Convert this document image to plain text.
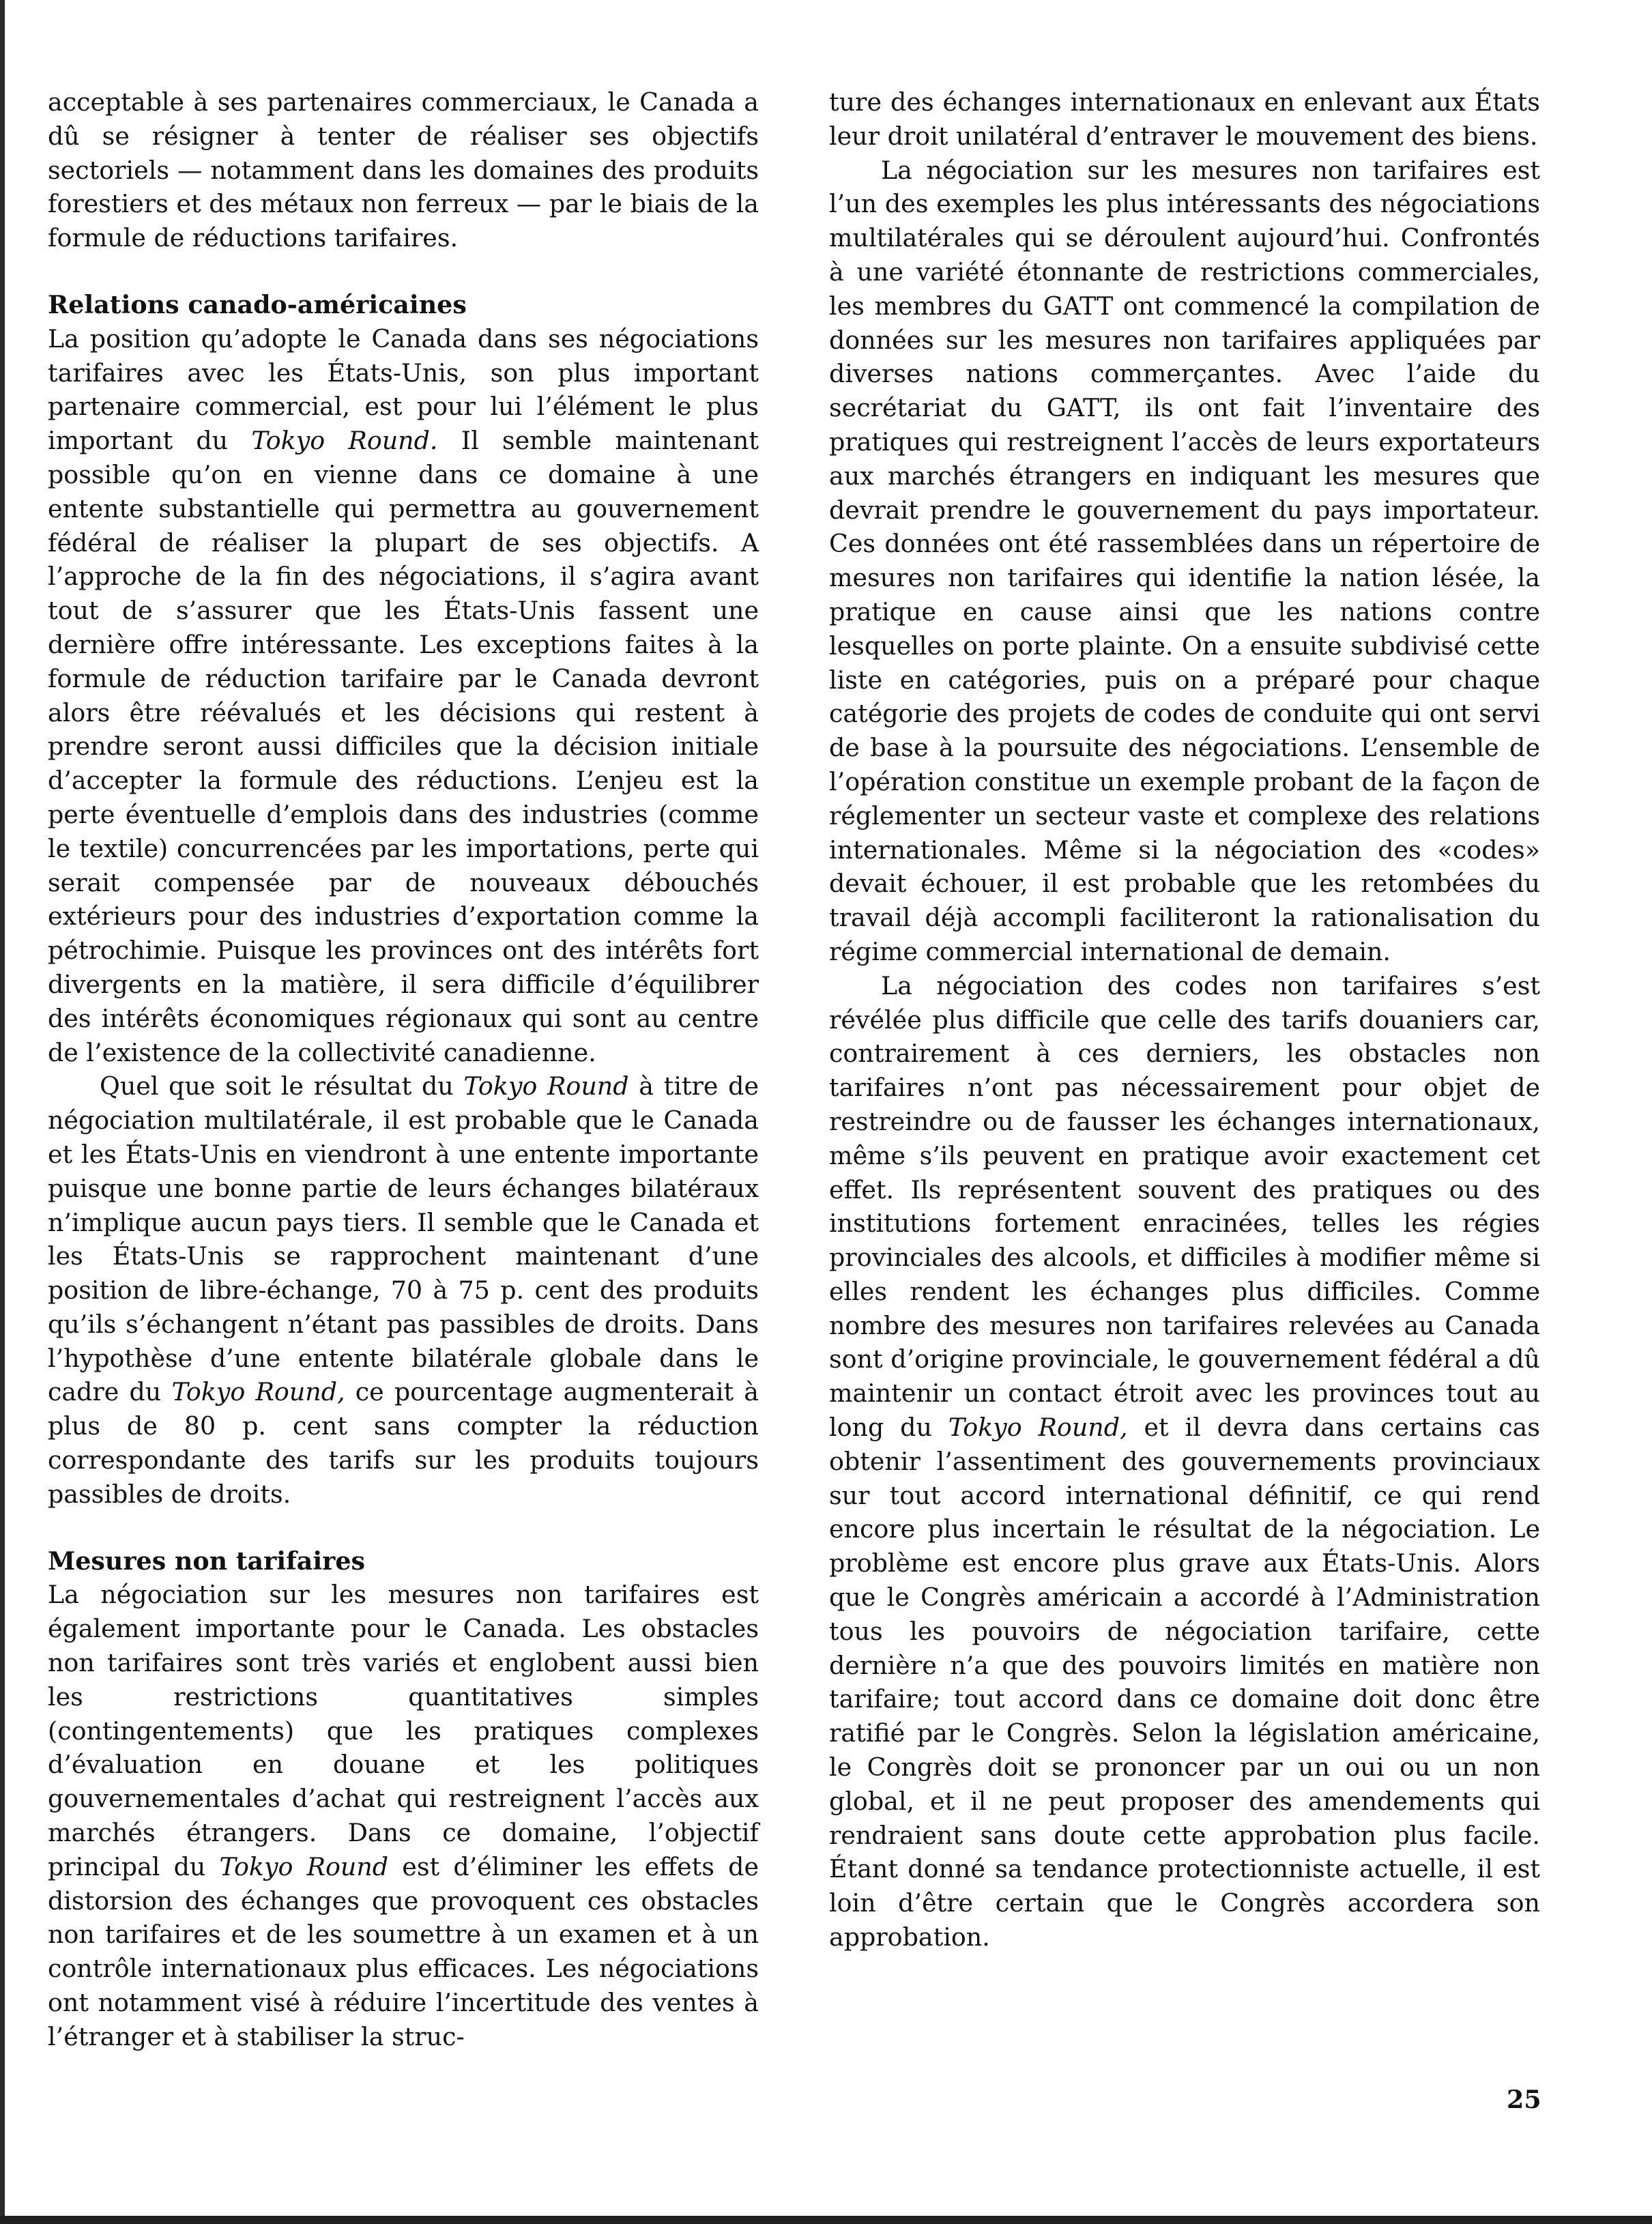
acceptable à ses partenaires commerciaux, le Canada a dû se résigner à tenter de réaliser ses objectifs sectoriels — notamment dans les domaines des produits forestiers et des métaux non ferreux — par le biais de la formule de réductions tarifaires.

Relations canado-américaines

La position qu’adopte le Canada dans ses négociations tarifaires avec les États-Unis, son plus important partenaire commercial, est pour lui l’élément le plus important du Tokyo Round. Il semble maintenant possible qu’on en vienne dans ce domaine à une entente substantielle qui permettra au gouvernement fédéral de réaliser la plupart de ses objectifs. A l’approche de la fin des négociations, il s’agira avant tout de s’assurer que les États-Unis fassent une dernière offre intéressante. Les exceptions faites à la formule de réduction tarifaire par le Canada devront alors être réévalués et les décisions qui restent à prendre seront aussi difficiles que la décision initiale d’accepter la formule des réductions. L’enjeu est la perte éventuelle d’emplois dans des industries (comme le textile) concurrencées par les importations, perte qui serait compensée par de nouveaux débouchés extérieurs pour des industries d’exportation comme la pétrochimie. Puisque les provinces ont des intérêts fort divergents en la matière, il sera difficile d’équilibrer des intérêts économiques régionaux qui sont au centre de l’existence de la collectivité canadienne.

Quel que soit le résultat du Tokyo Round à titre de négociation multilatérale, il est probable que le Canada et les États-Unis en viendront à une entente importante puisque une bonne partie de leurs échanges bilatéraux n’implique aucun pays tiers. Il semble que le Canada et les États-Unis se rapprochent maintenant d’une position de libre-échange, 70 à 75 p. cent des produits qu’ils s’échangent n’étant pas passibles de droits. Dans l’hypothèse d’une entente bilatérale globale dans le cadre du Tokyo Round, ce pourcentage augmenterait à plus de 80 p. cent sans compter la réduction correspondante des tarifs sur les produits toujours passibles de droits.

Mesures non tarifaires

La négociation sur les mesures non tarifaires est également importante pour le Canada. Les obstacles non tarifaires sont très variés et englobent aussi bien les restrictions quantitatives simples (contingentements) que les pratiques complexes d’évaluation en douane et les politiques gouvernementales d’achat qui restreignent l’accès aux marchés étrangers. Dans ce domaine, l’objectif principal du Tokyo Round est d’éliminer les effets de distorsion des échanges que provoquent ces obstacles non tarifaires et de les soumettre à un examen et à un contrôle internationaux plus efficaces. Les négociations ont notamment visé à réduire l’incertitude des ventes à l’étranger et à stabiliser la struc-

ture des échanges internationaux en enlevant aux États leur droit unilatéral d’entraver le mouvement des biens.

La négociation sur les mesures non tarifaires est l’un des exemples les plus intéressants des négociations multilatérales qui se déroulent aujourd’hui. Confrontés à une variété étonnante de restrictions commerciales, les membres du GATT ont commencé la compilation de données sur les mesures non tarifaires appliquées par diverses nations commerçantes. Avec l’aide du secrétariat du GATT, ils ont fait l’inventaire des pratiques qui restreignent l’accès de leurs exportateurs aux marchés étrangers en indiquant les mesures que devrait prendre le gouvernement du pays importateur. Ces données ont été rassemblées dans un répertoire de mesures non tarifaires qui identifie la nation lésée, la pratique en cause ainsi que les nations contre lesquelles on porte plainte. On a ensuite subdivisé cette liste en catégories, puis on a préparé pour chaque catégorie des projets de codes de conduite qui ont servi de base à la poursuite des négociations. L’ensemble de l’opération constitue un exemple probant de la façon de réglementer un secteur vaste et complexe des relations internationales. Même si la négociation des «codes» devait échouer, il est probable que les retombées du travail déjà accompli faciliteront la rationalisation du régime commercial international de demain.

La négociation des codes non tarifaires s’est révélée plus difficile que celle des tarifs douaniers car, contrairement à ces derniers, les obstacles non tarifaires n’ont pas nécessairement pour objet de restreindre ou de fausser les échanges internationaux, même s’ils peuvent en pratique avoir exactement cet effet. Ils représentent souvent des pratiques ou des institutions fortement enracinées, telles les régies provinciales des alcools, et difficiles à modifier même si elles rendent les échanges plus difficiles. Comme nombre des mesures non tarifaires relevées au Canada sont d’origine provinciale, le gouvernement fédéral a dû maintenir un contact étroit avec les provinces tout au long du Tokyo Round, et il devra dans certains cas obtenir l’assentiment des gouvernements provinciaux sur tout accord international définitif, ce qui rend encore plus incertain le résultat de la négociation. Le problème est encore plus grave aux États-Unis. Alors que le Congrès américain a accordé à l’Administration tous les pouvoirs de négociation tarifaire, cette dernière n’a que des pouvoirs limités en matière non tarifaire; tout accord dans ce domaine doit donc être ratifié par le Congrès. Selon la législation américaine, le Congrès doit se prononcer par un oui ou un non global, et il ne peut proposer des amendements qui rendraient sans doute cette approbation plus facile. Étant donné sa tendance protectionniste actuelle, il est loin d’être certain que le Congrès accordera son approbation.

25
